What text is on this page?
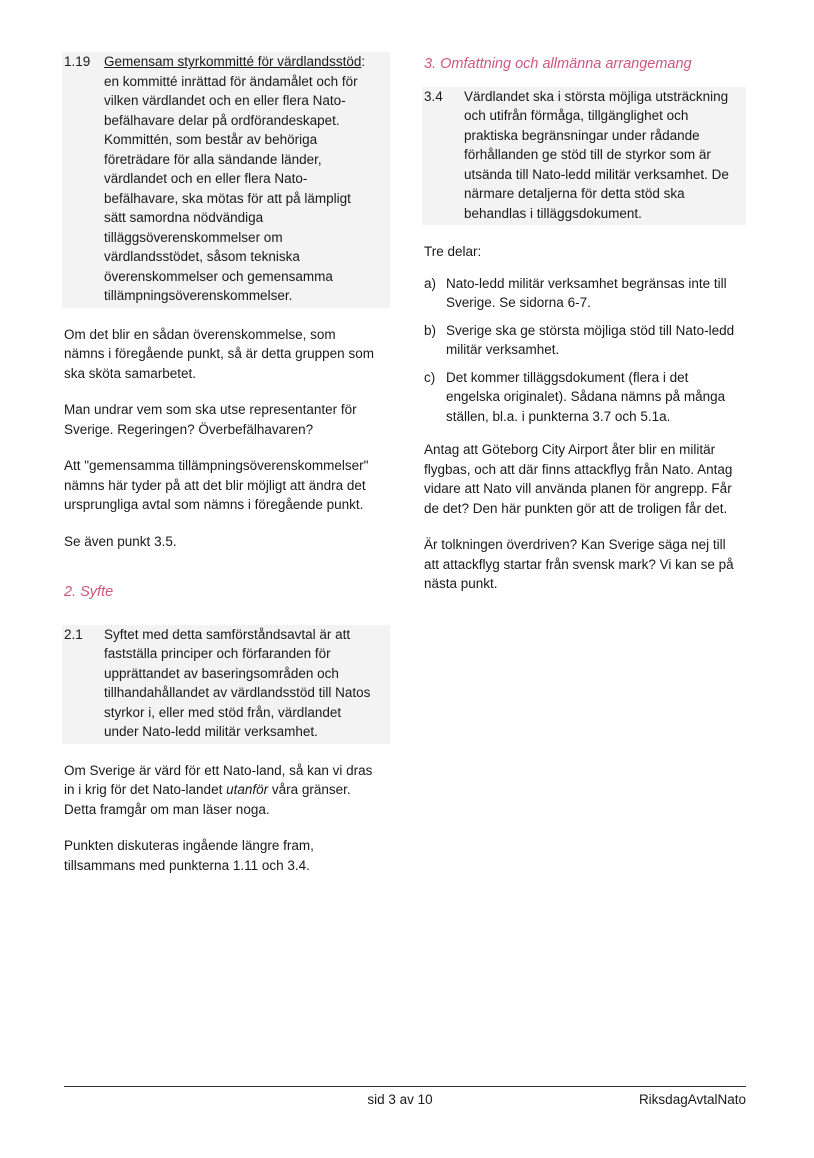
1.19	Gemensam styrkommitté för värdlandsstöd:
en kommitté inrättad för ändamålet och för
vilken värdlandet och en eller flera Nato-
befälhavare delar på ordförandeskapet.
Kommittén, som består av behöriga
företrädare för alla sändande länder,
värdlandet och en eller flera Nato-
befälhavare, ska mötas för att på lämpligt
sätt samordna nödvändiga
tilläggsöverenskommelser om
värdlandsstödet, såsom tekniska
överenskommelser och gemensamma
tillämpningsöverenskommelser.

Om det blir en sådan överenskommelse, som
nämns i föregående punkt, så är detta gruppen som
ska sköta samarbetet.

Man undrar vem som ska utse representanter för
Sverige. Regeringen? Överbefälhavaren?

Att "gemensamma tillämpningsöverenskommelser"
nämns här tyder på att det blir möjligt att ändra det
ursprungliga avtal som nämns i föregående punkt.

Se även punkt 3.5.

2. Syfte
2.1	Syftet med detta samförståndsavtal är att
fastställa principer och förfaranden för
upprättandet av baseringsområden och
tillhandahållandet av värdlandsstöd till Natos
styrkor i, eller med stöd från, värdlandet
under Nato-ledd militär verksamhet.

Om Sverige är värd för ett Nato-land, så kan vi dras
in i krig för det Nato-landet utanför våra gränser.
Detta framgår om man läser noga.

Punkten diskuteras ingående längre fram,
tillsammans med punkterna 1.11 och 3.4.

3. Omfattning och allmänna arrangemang
3.4	Värdlandet ska i största möjliga utsträckning
och utifrån förmåga, tillgänglighet och
praktiska begränsningar under rådande
förhållanden ge stöd till de styrkor som är
utsända till Nato-ledd militär verksamhet. De
närmare detaljerna för detta stöd ska
behandlas i tilläggsdokument.

Tre delar:

a) Nato-ledd militär verksamhet begränsas inte till
Sverige. Se sidorna 6-7.
b) Sverige ska ge största möjliga stöd till Nato-ledd
militär verksamhet.
c) Det kommer tilläggsdokument (flera i det
engelska originalet). Sådana nämns på många
ställen, bl.a. i punkterna 3.7 och 5.1a.

Antag att Göteborg City Airport åter blir en militär
flygbas, och att där finns attackflyg från Nato. Antag
vidare att Nato vill använda planen för angrepp. Får
de det? Den här punkten gör att de troligen får det.

Är tolkningen överdriven? Kan Sverige säga nej till
att attackflyg startar från svensk mark? Vi kan se på
nästa punkt.

sid 3 av 10	RiksdagAvtalNato
